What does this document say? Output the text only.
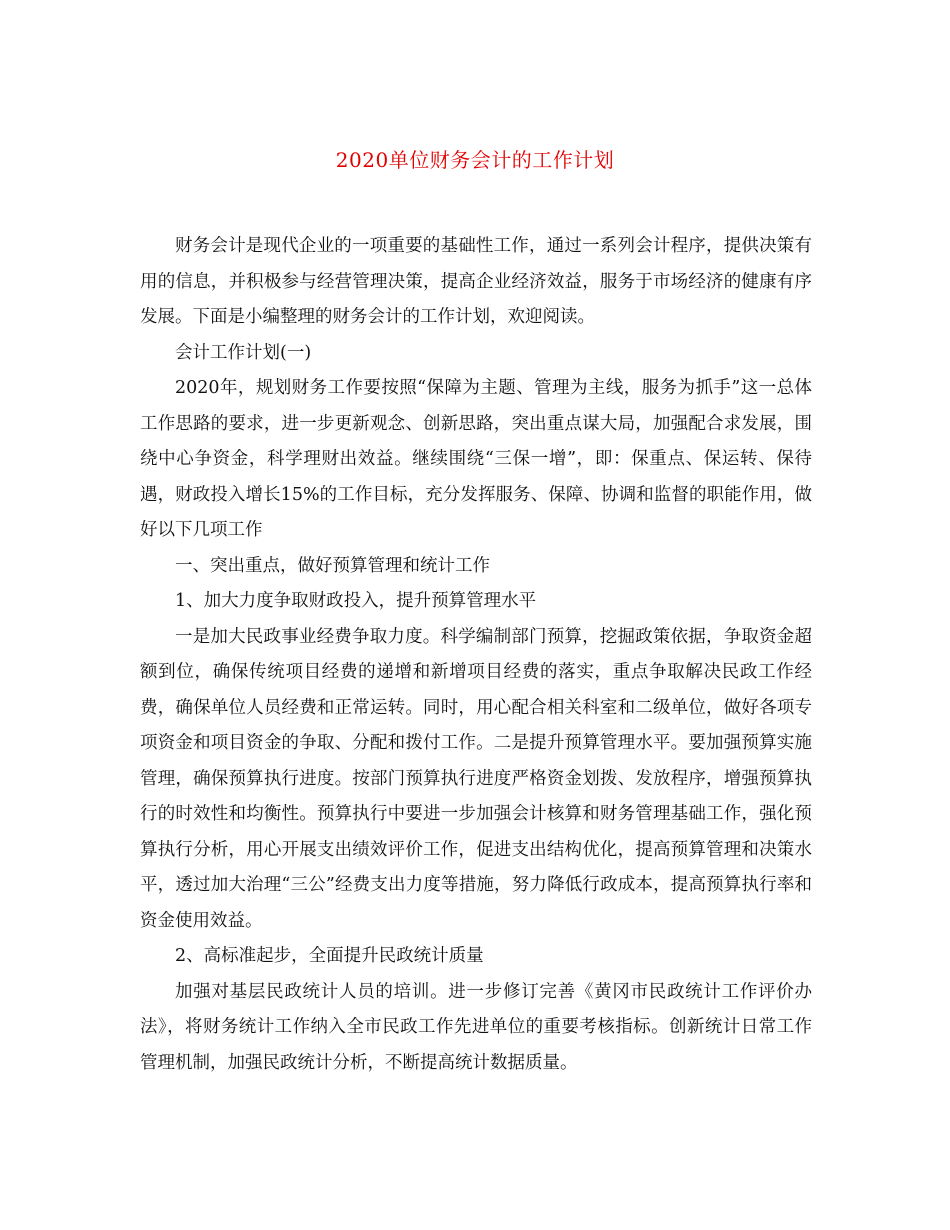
2020单位财务会计的工作计划

财务会计是现代企业的一项重要的基础性工作，通过一系列会计程序，提供决策有用的信息，并积极参与经营管理决策，提高企业经济效益，服务于市场经济的健康有序发展。下面是小编整理的财务会计的工作计划，欢迎阅读。

会计工作计划(一)

2020年，规划财务工作要按照“保障为主题、管理为主线，服务为抓手”这一总体工作思路的要求，进一步更新观念、创新思路，突出重点谋大局，加强配合求发展，围绕中心争资金，科学理财出效益。继续围绕“三保一增”，即：保重点、保运转、保待遇，财政投入增长15%的工作目标，充分发挥服务、保障、协调和监督的职能作用，做好以下几项工作

一、突出重点，做好预算管理和统计工作

1、加大力度争取财政投入，提升预算管理水平

一是加大民政事业经费争取力度。科学编制部门预算，挖掘政策依据，争取资金超额到位，确保传统项目经费的递增和新增项目经费的落实，重点争取解决民政工作经费，确保单位人员经费和正常运转。同时，用心配合相关科室和二级单位，做好各项专项资金和项目资金的争取、分配和拨付工作。二是提升预算管理水平。要加强预算实施管理，确保预算执行进度。按部门预算执行进度严格资金划拨、发放程序，增强预算执行的时效性和均衡性。预算执行中要进一步加强会计核算和财务管理基础工作，强化预算执行分析，用心开展支出绩效评价工作，促进支出结构优化，提高预算管理和决策水平，透过加大治理“三公”经费支出力度等措施，努力降低行政成本，提高预算执行率和资金使用效益。

2、高标准起步，全面提升民政统计质量

加强对基层民政统计人员的培训。进一步修订完善《黄冈市民政统计工作评价办法》，将财务统计工作纳入全市民政工作先进单位的重要考核指标。创新统计日常工作管理机制，加强民政统计分析，不断提高统计数据质量。
